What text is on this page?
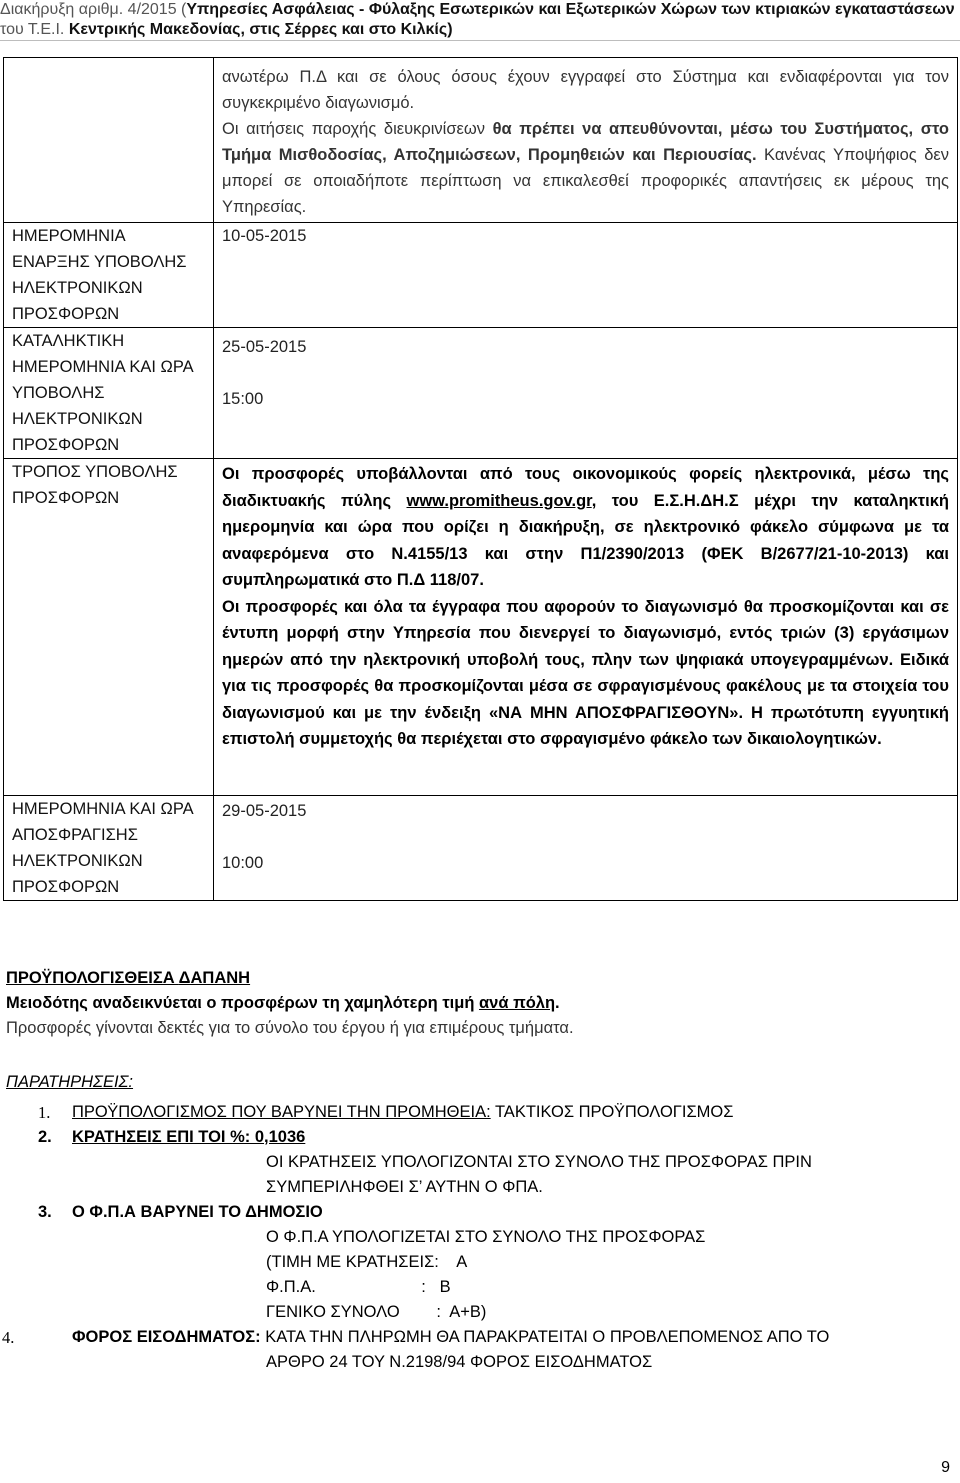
Διακήρυξη αριθμ. 4/2015 (Υπηρεσίες Ασφάλειας - Φύλαξης Εσωτερικών και Εξωτερικών Χώρων των κτιριακών εγκαταστάσεων
του Τ.Ε.Ι. Κεντρικής Μακεδονίας, στις Σέρρες και στο Κιλκίς)

	ανωτέρω Π.Δ και σε όλους όσους έχουν εγγραφεί στο Σύστημα και ενδιαφέρονται για τον συγκεκριμένο διαγωνισμό.
Οι αιτήσεις παροχής διευκρινίσεων θα πρέπει να απευθύνονται, μέσω του Συστήματος, στο Τμήμα Μισθοδοσίας, Αποζημιώσεων, Προμηθειών και Περιουσίας. Κανένας Υποψήφιος δεν μπορεί σε οποιαδήποτε περίπτωση να επικαλεσθεί προφορικές απαντήσεις εκ μέρους της Υπηρεσίας.

ΗΜΕΡΟΜΗΝΙΑ ΕΝΑΡΞΗΣ ΥΠΟΒΟΛΗΣ ΗΛΕΚΤΡΟΝΙΚΩΝ ΠΡΟΣΦΟΡΩΝ	10-05-2015

ΚΑΤΑΛΗΚΤΙΚΗ ΗΜΕΡΟΜΗΝΙΑ ΚΑΙ ΩΡΑ ΥΠΟΒΟΛΗΣ ΗΛΕΚΤΡΟΝΙΚΩΝ ΠΡΟΣΦΟΡΩΝ	25-05-2015

15:00

ΤΡΟΠΟΣ ΥΠΟΒΟΛΗΣ ΠΡΟΣΦΟΡΩΝ	Οι προσφορές υποβάλλονται από τους οικονομικούς φορείς ηλεκτρονικά, μέσω της διαδικτυακής πύλης www.promitheus.gov.gr, του Ε.Σ.Η.ΔΗ.Σ μέχρι την καταληκτική ημερομηνία και ώρα που ορίζει η διακήρυξη, σε ηλεκτρονικό φάκελο σύμφωνα με τα αναφερόμενα στο Ν.4155/13 και στην Π1/2390/2013 (ΦΕΚ Β/2677/21-10-2013) και συμπληρωματικά στο Π.Δ 118/07.
Οι προσφορές και όλα τα έγγραφα που αφορούν το διαγωνισμό θα προσκομίζονται και σε έντυπη μορφή στην Υπηρεσία που διενεργεί το διαγωνισμό, εντός τριών (3) εργάσιμων ημερών από την ηλεκτρονική υποβολή τους, πλην των ψηφιακά υπογεγραμμένων. Ειδικά για τις προσφορές θα προσκομίζονται μέσα σε σφραγισμένους φακέλους με τα στοιχεία του διαγωνισμού και με την ένδειξη «ΝΑ ΜΗΝ ΑΠΟΣΦΡΑΓΙΣΘΟΥΝ». Η πρωτότυπη εγγυητική επιστολή συμμετοχής θα περιέχεται στο σφραγισμένο φάκελο των δικαιολογητικών.

ΗΜΕΡΟΜΗΝΙΑ ΚΑΙ ΩΡΑ ΑΠΟΣΦΡΑΓΙΣΗΣ ΗΛΕΚΤΡΟΝΙΚΩΝ ΠΡΟΣΦΟΡΩΝ	29-05-2015

10:00

ΠΡΟΫΠΟΛΟΓΙΣΘΕΙΣΑ ΔΑΠΑΝΗ

Μειοδότης αναδεικνύεται ο προσφέρων τη χαμηλότερη τιμή ανά πόλη.

Προσφορές γίνονται δεκτές για το σύνολο του έργου ή για επιμέρους τμήματα.

ΠΑΡΑΤΗΡΗΣΕΙΣ:
1. ΠΡΟΫΠΟΛΟΓΙΣΜΟΣ ΠΟΥ ΒΑΡΥΝΕΙ ΤΗΝ ΠΡΟΜΗΘΕΙΑ: ΤΑΚΤΙΚΟΣ ΠΡΟΫΠΟΛΟΓΙΣΜΟΣ
2. ΚΡΑΤΗΣΕΙΣ ΕΠΙ ΤΟΙ %: 0,1036
ΟΙ ΚΡΑΤΗΣΕΙΣ ΥΠΟΛΟΓΙΖΟΝΤΑΙ ΣΤΟ ΣΥΝΟΛΟ ΤΗΣ ΠΡΟΣΦΟΡΑΣ ΠΡΙΝ
ΣΥΜΠΕΡΙΛΗΦΘΕΙ Σ’ ΑΥΤΗΝ Ο ΦΠΑ.
3. Ο Φ.Π.Α ΒΑΡΥΝΕΙ ΤΟ ΔΗΜΟΣΙΟ
Ο Φ.Π.Α ΥΠΟΛΟΓΙΖΕΤΑΙ ΣΤΟ ΣΥΝΟΛΟ ΤΗΣ ΠΡΟΣΦΟΡΑΣ
(ΤΙΜΗ ΜΕ ΚΡΑΤΗΣΕΙΣ:    Α
Φ.Π.Α.                       :   Β
ΓΕΝΙΚΟ ΣΥΝΟΛΟ        :  Α+Β)
4.	ΦΟΡΟΣ ΕΙΣΟΔΗΜΑΤΟΣ: ΚΑΤΑ ΤΗΝ ΠΛΗΡΩΜΗ ΘΑ ΠΑΡΑΚΡΑΤΕΙΤΑΙ Ο ΠΡΟΒΛΕΠΟΜΕΝΟΣ ΑΠΟ ΤΟ
ΑΡΘΡΟ 24 ΤΟΥ Ν.2198/94 ΦΟΡΟΣ ΕΙΣΟΔΗΜΑΤΟΣ
9
